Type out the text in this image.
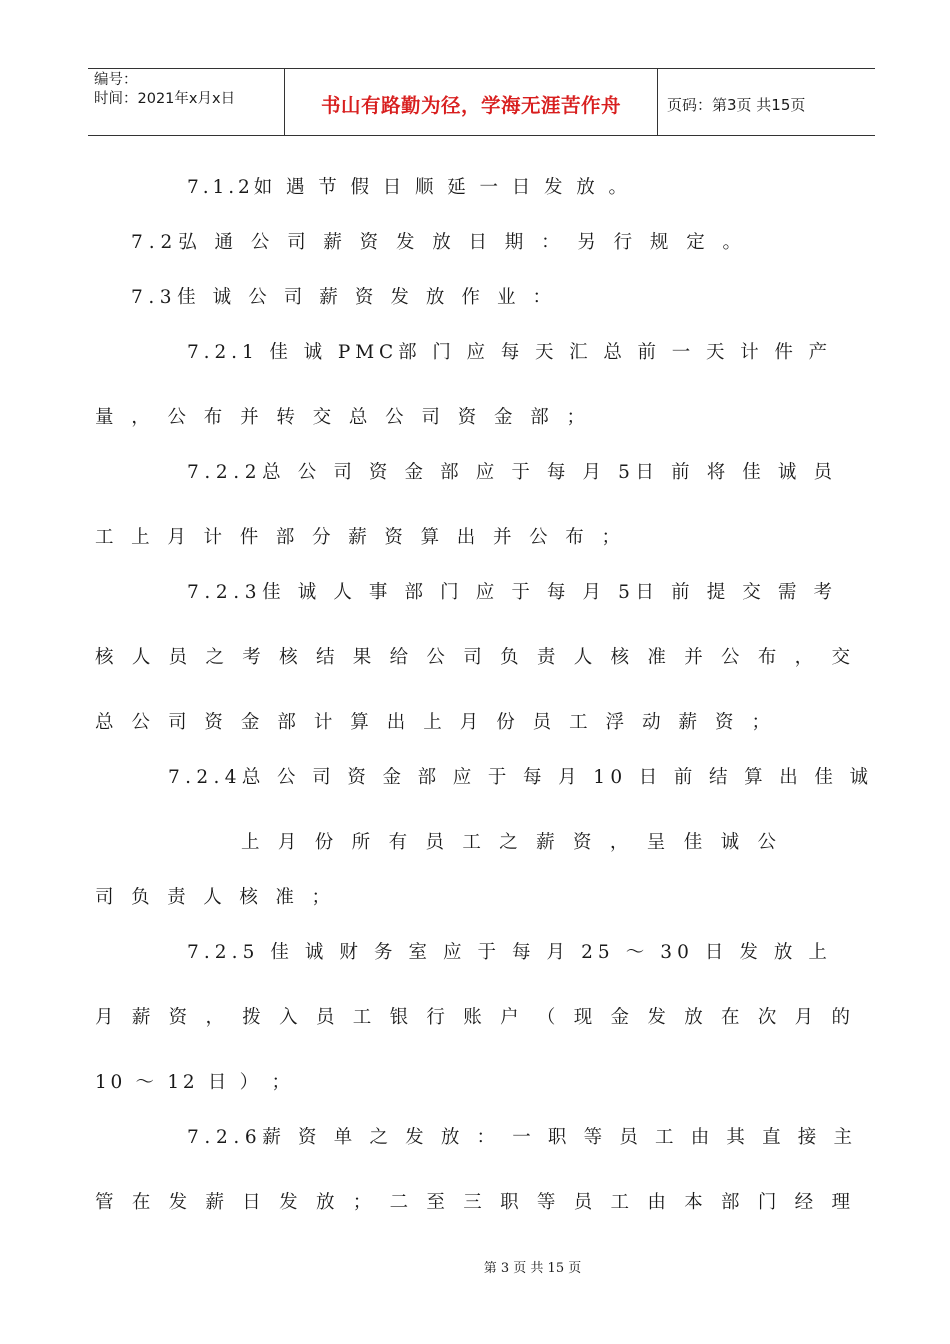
编号：
时间：2021年x月x日	书山有路勤为径，学海无涯苦作舟	页码：第3页 共15页
7.1.2如 遇 节 假 日 顺 延 一 日 发 放 。
7.2弘 通 公 司 薪 资 发 放 日 期 ： 另 行 规 定 。
7.3佳 诚 公 司 薪 资 发 放 作 业 ：
7.2.1 佳 诚 PMC部 门 应 每 天 汇 总 前 一 天 计 件 产
量 ， 公 布 并 转 交 总 公 司 资 金 部 ；
7.2.2总 公 司 资 金 部 应 于 每 月 5日 前 将 佳 诚 员
工 上 月 计 件 部 分 薪 资 算 出 并 公 布 ；
7.2.3佳 诚 人 事 部 门 应 于 每 月 5日 前 提 交 需 考
核 人 员 之 考 核 结 果 给 公 司 负 责 人 核 准 并 公 布 ， 交
总 公 司 资 金 部 计 算 出 上 月 份 员 工 浮 动 薪 资 ；
7.2.4总 公 司 资 金 部 应 于 每 月 10 日 前 结 算 出 佳 诚
上 月 份 所 有 员 工 之 薪 资 ， 呈 佳 诚 公
司 负 责 人 核 准 ；
7.2.5 佳 诚 财 务 室 应 于 每 月 25 ～ 30 日 发 放 上
月 薪 资 ， 拨 入 员 工 银 行 账 户 （ 现 金 发 放 在 次 月 的
10 ～ 12 日 ） ；
7.2.6薪 资 单 之 发 放 ： 一 职 等 员 工 由 其 直 接 主
管 在 发 薪 日 发 放 ； 二 至 三 职 等 员 工 由 本 部 门 经 理
第 3 页 共 15 页
